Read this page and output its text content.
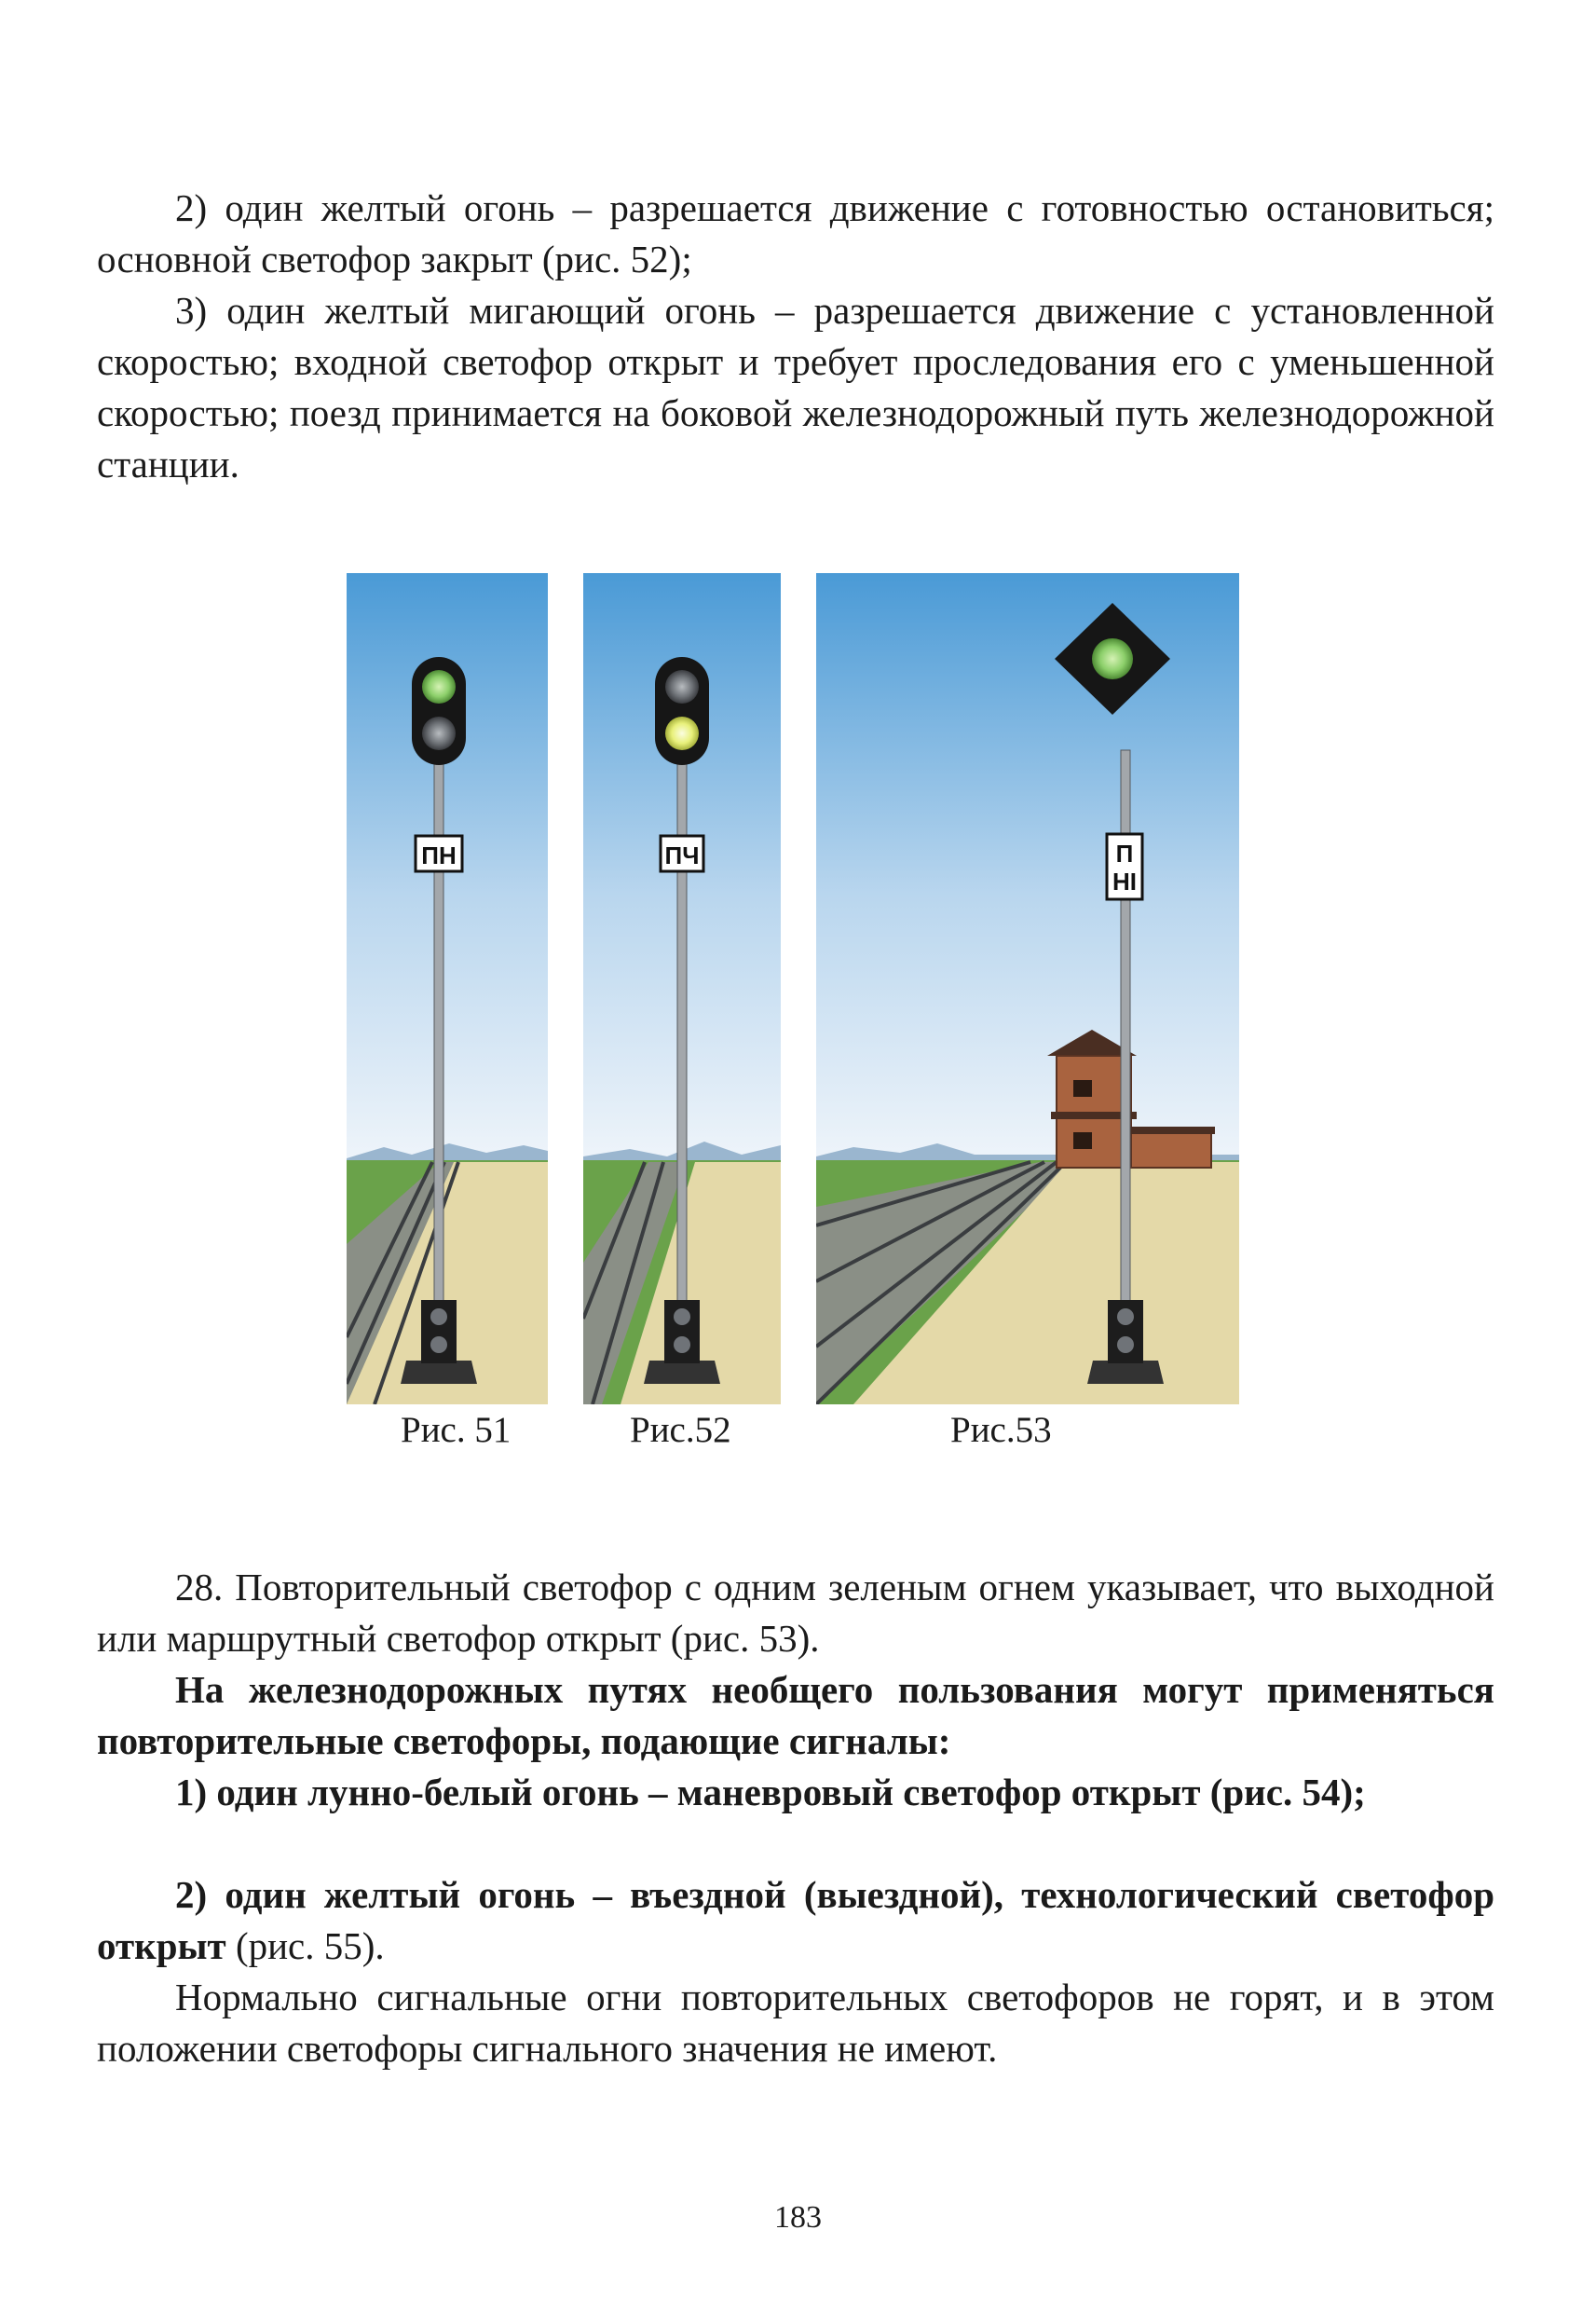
2) один желтый огонь – разрешается движение с готовностью остановиться; основной светофор закрыт (рис. 52);

3) один желтый мигающий огонь – разрешается движение с установленной скоростью; входной светофор открыт и требует проследования его с уменьшенной скоростью; поезд принимается на боковой железнодорожный путь железнодорожной станции.

ПН	ПЧ	П
НI
Рис. 51	Рис.52	Рис.53

28. Повторительный светофор с одним зеленым огнем указывает, что выходной или маршрутный светофор открыт (рис. 53).

На железнодорожных путях необщего пользования могут применяться повторительные светофоры, подающие сигналы:

1) один лунно-белый огонь – маневровый светофор открыт (рис. 54);

2) один желтый огонь – въездной (выездной), технологический светофор открыт (рис. 55).

Нормально сигнальные огни повторительных светофоров не горят, и в этом положении светофоры сигнального значения не имеют.

183
